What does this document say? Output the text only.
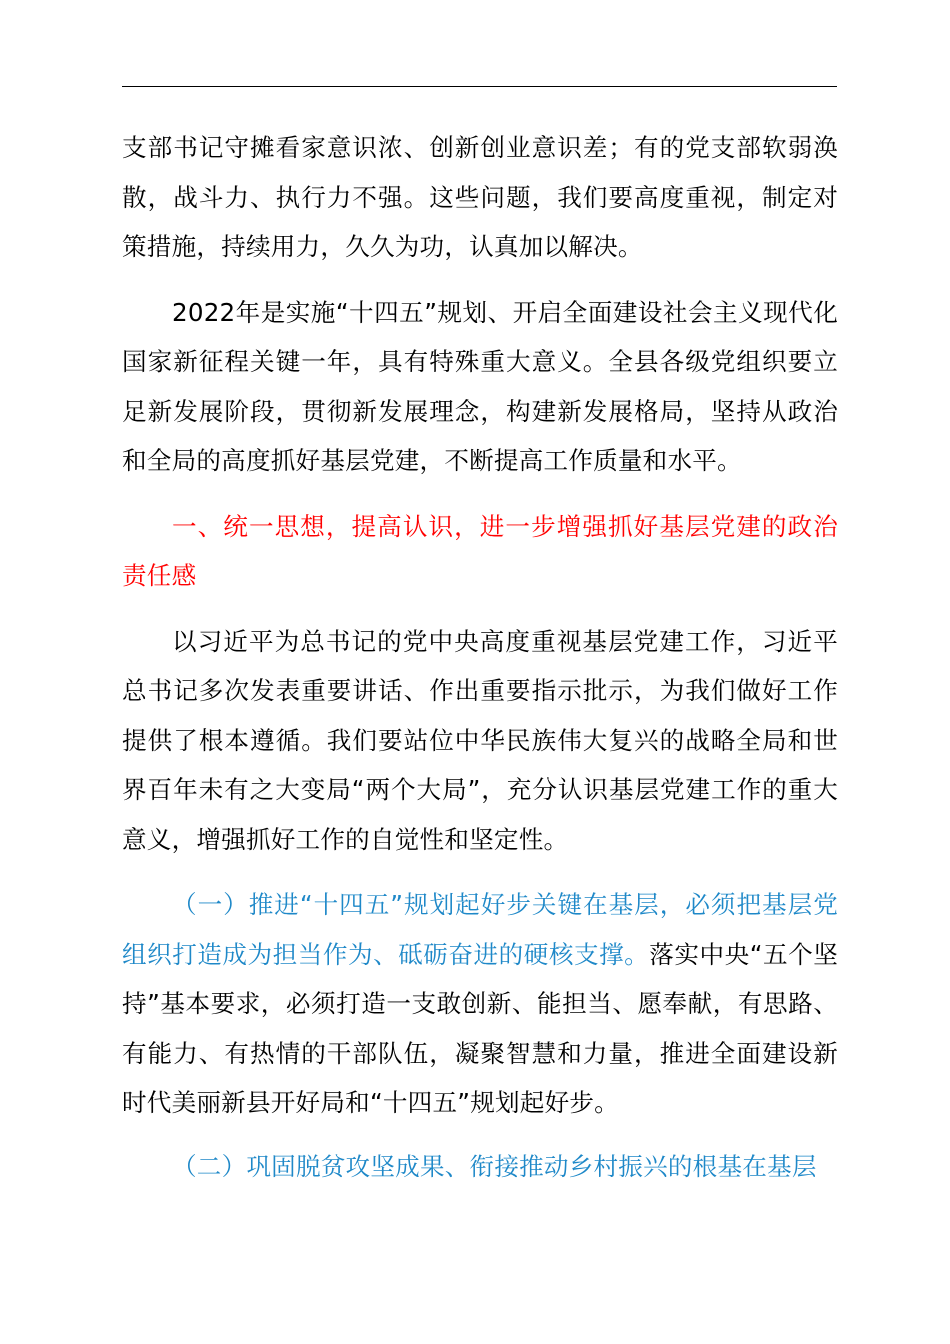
支部书记守摊看家意识浓、创新创业意识差；有的党支部软弱涣散，战斗力、执行力不强。这些问题，我们要高度重视，制定对策措施，持续用力，久久为功，认真加以解决。

2022年是实施“十四五”规划、开启全面建设社会主义现代化国家新征程关键一年，具有特殊重大意义。全县各级党组织要立足新发展阶段，贯彻新发展理念，构建新发展格局，坚持从政治和全局的高度抓好基层党建，不断提高工作质量和水平。

一、统一思想，提高认识，进一步增强抓好基层党建的政治责任感

以习近平为总书记的党中央高度重视基层党建工作，习近平总书记多次发表重要讲话、作出重要指示批示，为我们做好工作提供了根本遵循。我们要站位中华民族伟大复兴的战略全局和世界百年未有之大变局“两个大局”，充分认识基层党建工作的重大意义，增强抓好工作的自觉性和坚定性。

（一）推进“十四五”规划起好步关键在基层，必须把基层党组织打造成为担当作为、砥砺奋进的硬核支撑。落实中央“五个坚持”基本要求，必须打造一支敢创新、能担当、愿奉献，有思路、有能力、有热情的干部队伍，凝聚智慧和力量，推进全面建设新时代美丽新县开好局和“十四五”规划起好步。

（二）巩固脱贫攻坚成果、衔接推动乡村振兴的根基在基层
